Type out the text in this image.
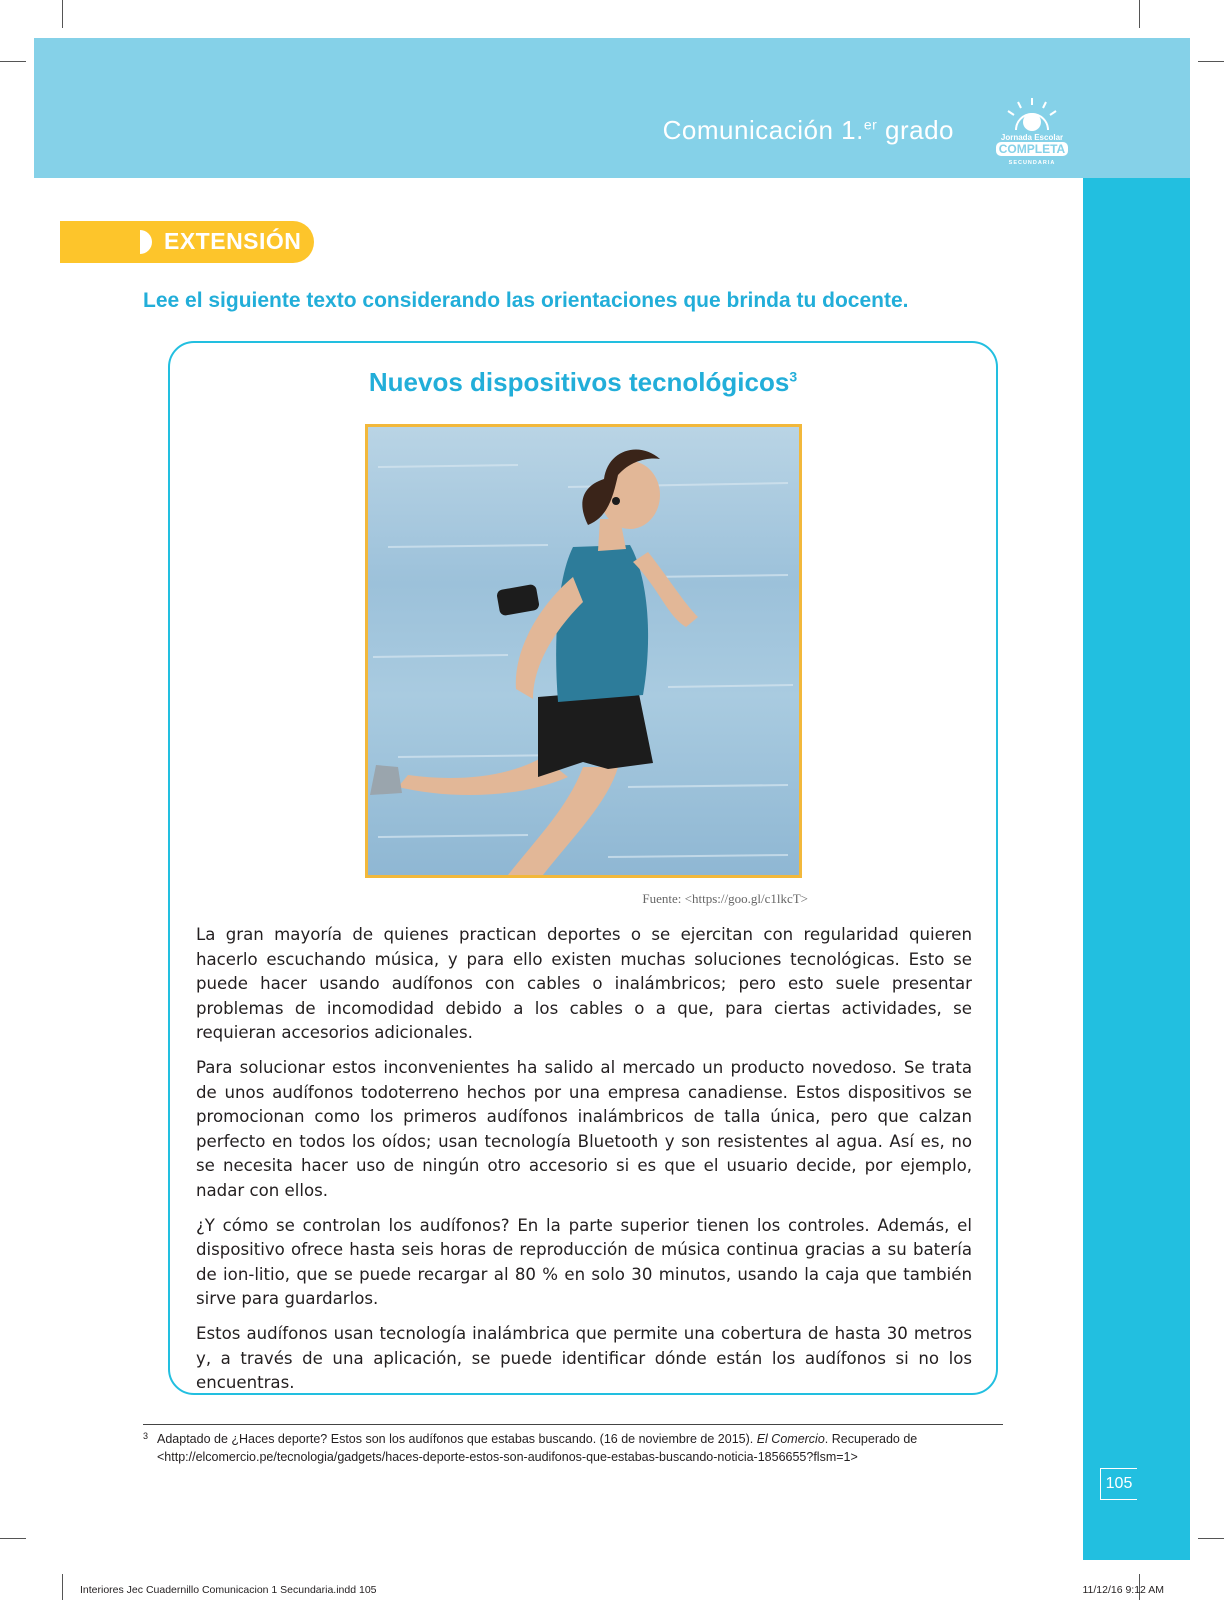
Comunicación 1.$^{er}$ grado	Jornada Escolar
COMPLETA
SECUNDARIA
105
EXTENSIÓN
Lee el siguiente texto considerando las orientaciones que brinda tu docente.
Nuevos dispositivos tecnológicos$^3$
Fuente: <https://goo.gl/c1lkcT>

La gran mayoría de quienes practican deportes o se ejercitan con regularidad quieren hacerlo escuchando música, y para ello existen muchas soluciones tecnológicas. Esto se puede hacer usando audífonos con cables o inalámbricos; pero esto suele presentar problemas de incomodidad debido a los cables o a que, para ciertas actividades, se requieran accesorios adicionales.

Para solucionar estos inconvenientes ha salido al mercado un producto novedoso. Se trata de unos audífonos todoterreno hechos por una empresa canadiense. Estos dispositivos se promocionan como los primeros audífonos inalámbricos de talla única, pero que calzan perfecto en todos los oídos; usan tecnología Bluetooth y son resistentes al agua. Así es, no se necesita hacer uso de ningún otro accesorio si es que el usuario decide, por ejemplo, nadar con ellos.

¿Y cómo se controlan los audífonos? En la parte superior tienen los controles. Además, el dispositivo ofrece hasta seis horas de reproducción de música continua gracias a su batería de ion-litio, que se puede recargar al 80 % en solo 30 minutos, usando la caja que también sirve para guardarlos.

Estos audífonos usan tecnología inalámbrica que permite una cobertura de hasta 30 metros y, a través de una aplicación, se puede identificar dónde están los audífonos si no los encuentras.

3 Adaptado de ¿Haces deporte? Estos son los audífonos que estabas buscando. (16 de noviembre de 2015). El Comercio. Recuperado de <http://elcomercio.pe/tecnologia/gadgets/haces-deporte-estos-son-audifonos-que-estabas-buscando-noticia-1856655?flsm=1>
Interiores Jec Cuadernillo Comunicacion 1 Secundaria.indd 105	11/12/16 9:12 AM
